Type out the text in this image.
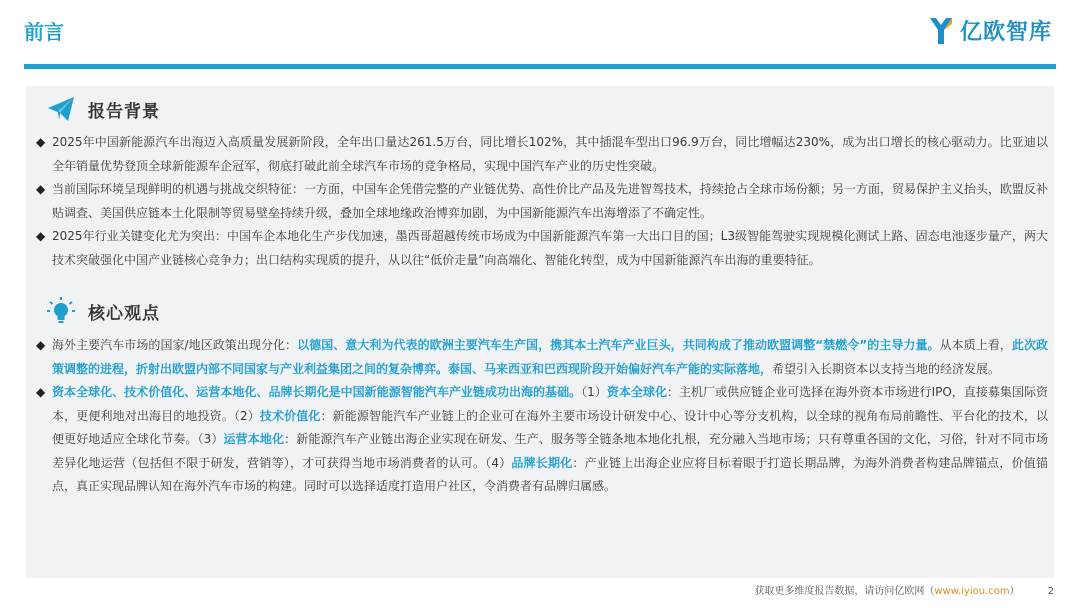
前言	亿欧智库
报告背景
◆ 2025年中国新能源汽车出海迈入高质量发展新阶段，全年出口量达261.5万台，同比增长102%，其中插混车型出口96.9万台，同比增幅达230%，成为出口增长的核心驱动力。比亚迪以全年销量优势登顶全球新能源车企冠军，彻底打破此前全球汽车市场的竞争格局，实现中国汽车产业的历史性突破。
◆ 当前国际环境呈现鲜明的机遇与挑战交织特征：一方面，中国车企凭借完整的产业链优势、高性价比产品及先进智驾技术，持续抢占全球市场份额；另一方面，贸易保护主义抬头，欧盟反补贴调查、美国供应链本土化限制等贸易壁垒持续升级，叠加全球地缘政治博弈加剧，为中国新能源汽车出海增添了不确定性。
◆ 2025年行业关键变化尤为突出：中国车企本地化生产步伐加速，墨西哥超越传统市场成为中国新能源汽车第一大出口目的国；L3级智能驾驶实现规模化测试上路、固态电池逐步量产，两大技术突破强化中国产业链核心竞争力；出口结构实现质的提升，从以往“低价走量”向高端化、智能化转型，成为中国新能源汽车出海的重要特征。
核心观点
◆ 海外主要汽车市场的国家/地区政策出现分化：以德国、意大利为代表的欧洲主要汽车生产国，携其本土汽车产业巨头，共同构成了推动欧盟调整“禁燃令”的主导力量。从本质上看，此次政策调整的进程，折射出欧盟内部不同国家与产业利益集团之间的复杂博弈。泰国、马来西亚和巴西现阶段开始偏好汽车产能的实际落地，希望引入长期资本以支持当地的经济发展。
◆ 资本全球化、技术价值化、运营本地化、品牌长期化是中国新能源智能汽车产业链成功出海的基础。（1）资本全球化：主机厂或供应链企业可选择在海外资本市场进行IPO，直接募集国际资本，更便利地对出海目的地投资。（2）技术价值化：新能源智能汽车产业链上的企业可在海外主要市场设计研发中心、设计中心等分支机构，以全球的视角布局前瞻性、平台化的技术，以便更好地适应全球化节奏。（3）运营本地化：新能源汽车产业链出海企业实现在研发、生产、服务等全链条地本地化扎根，充分融入当地市场；只有尊重各国的文化，习俗，针对不同市场差异化地运营（包括但不限于研发，营销等），才可获得当地市场消费者的认可。（4）品牌长期化：产业链上出海企业应将目标着眼于打造长期品牌，为海外消费者构建品牌锚点，价值锚点，真正实现品牌认知在海外汽车市场的构建。同时可以选择适度打造用户社区，令消费者有品牌归属感。
获取更多维度报告数据，请访问亿欧网（www.iyiou.com）	2
